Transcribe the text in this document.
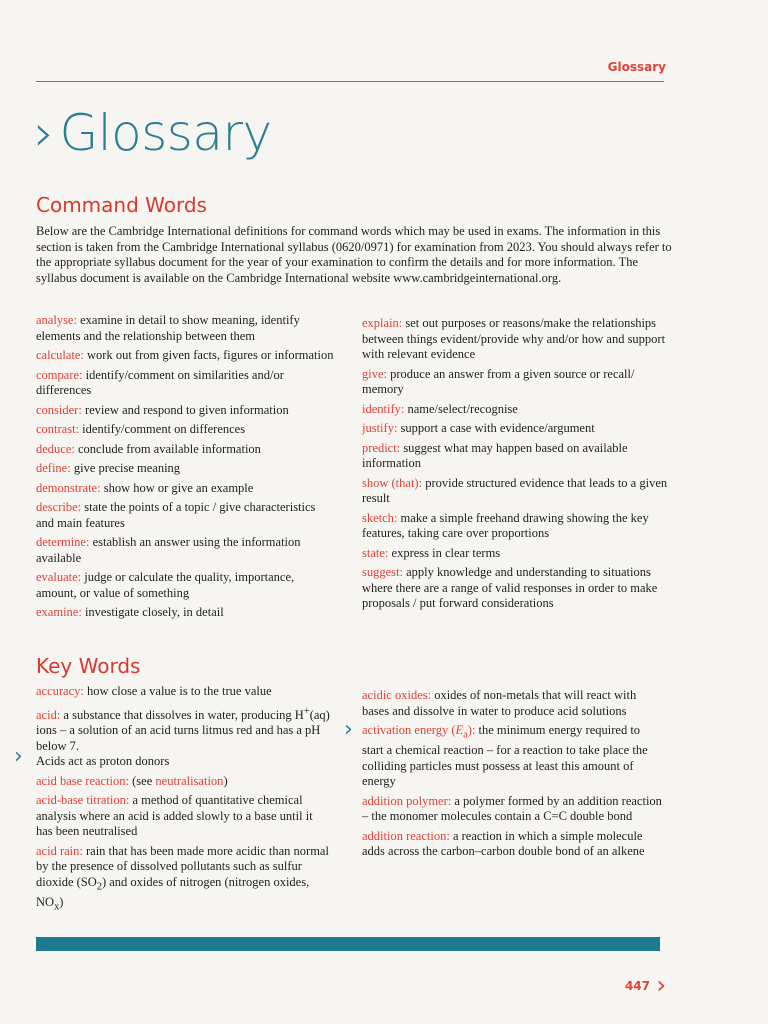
Glossary
› Glossary
Command Words
Below are the Cambridge International definitions for command words which may be used in exams. The information in this section is taken from the Cambridge International syllabus (0620/0971) for examination from 2023. You should always refer to the appropriate syllabus document for the year of your examination to confirm the details and for more information. The syllabus document is available on the Cambridge International website www.cambridgeinternational.org.
analyse: examine in detail to show meaning, identify elements and the relationship between them
calculate: work out from given facts, figures or information
compare: identify/comment on similarities and/or differences
consider: review and respond to given information
contrast: identify/comment on differences
deduce: conclude from available information
define: give precise meaning
demonstrate: show how or give an example
describe: state the points of a topic / give characteristics and main features
determine: establish an answer using the information available
evaluate: judge or calculate the quality, importance, amount, or value of something
examine: investigate closely, in detail
explain: set out purposes or reasons/make the relationships between things evident/provide why and/or how and support with relevant evidence
give: produce an answer from a given source or recall/ memory
identify: name/select/recognise
justify: support a case with evidence/argument
predict: suggest what may happen based on available information
show (that): provide structured evidence that leads to a given result
sketch: make a simple freehand drawing showing the key features, taking care over proportions
state: express in clear terms
suggest: apply knowledge and understanding to situations where there are a range of valid responses in order to make proposals / put forward considerations
Key Words
›
›
accuracy: how close a value is to the true value
acid: a substance that dissolves in water, producing H+(aq) ions – a solution of an acid turns litmus red and has a pH below 7.
Acids act as proton donors
acid base reaction: (see neutralisation)
acid-base titration: a method of quantitative chemical analysis where an acid is added slowly to a base until it has been neutralised
acid rain: rain that has been made more acidic than normal by the presence of dissolved pollutants such as sulfur dioxide $(SO_2)$ and oxides of nitrogen (nitrogen oxides, $NO_x$)
acidic oxides: oxides of non-metals that will react with bases and dissolve in water to produce acid solutions
activation energy $(E_a)$: the minimum energy required to start a chemical reaction – for a reaction to take place the colliding particles must possess at least this amount of energy
addition polymer: a polymer formed by an addition reaction – the monomer molecules contain a C=C double bond
addition reaction: a reaction in which a simple molecule adds across the carbon–carbon double bond of an alkene
447 ›
